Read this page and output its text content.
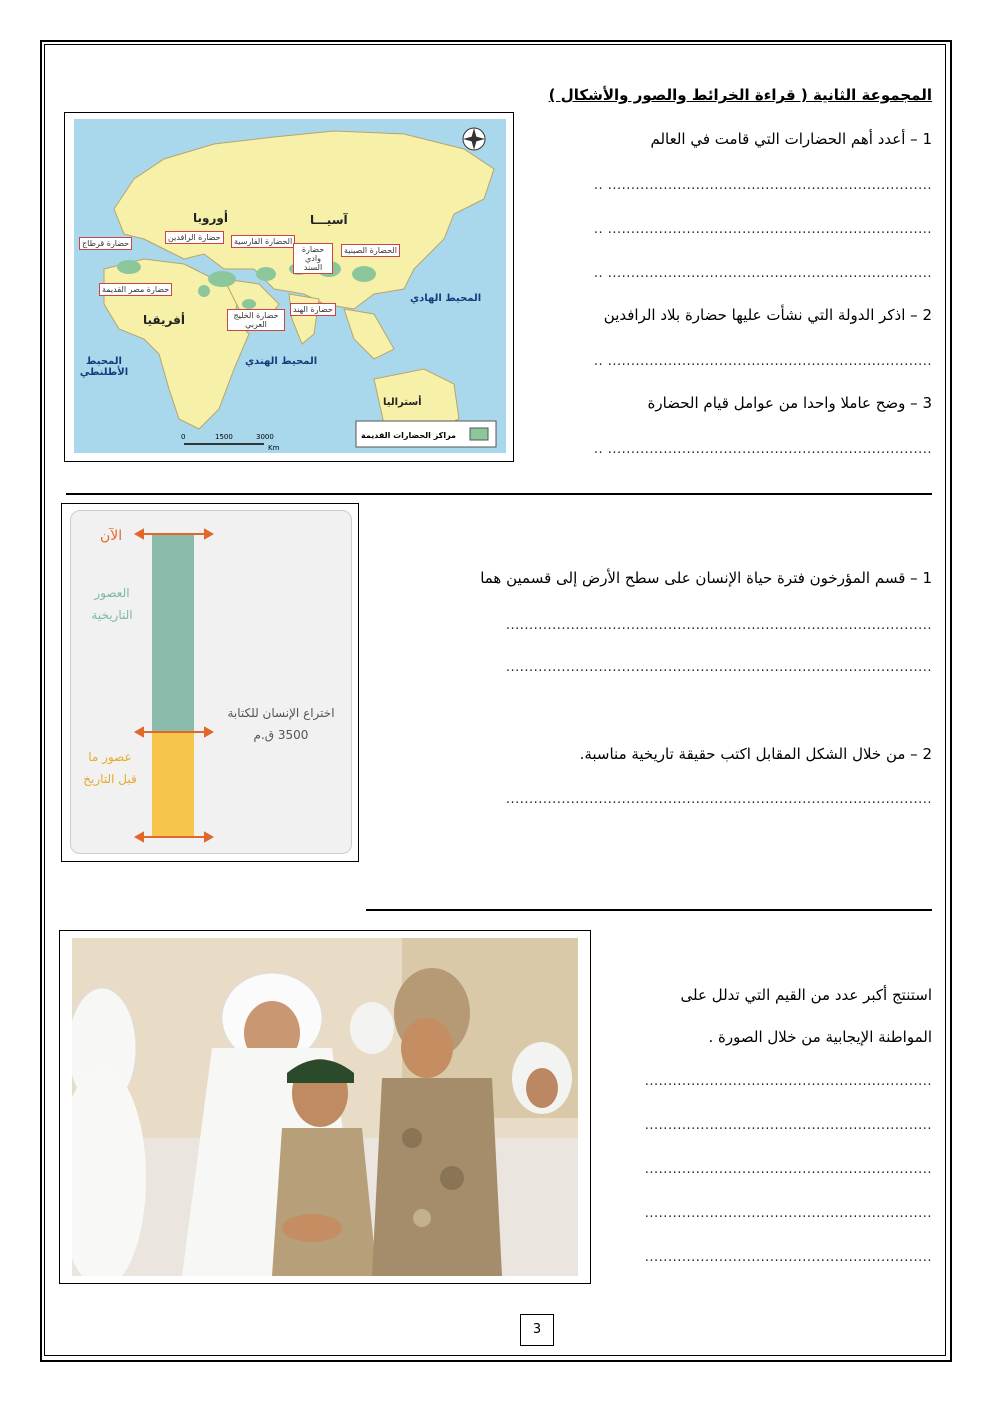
المجموعة الثانية ( قراءة الخرائط والصور والأشكال )
أوروبا	آسيـــا
أفريقيا
أستراليا
المحيط الهادي
المحيط الهندي
المحيط الأطلنطي
حضارة قرطاج
حضارة الرافدين	الحضارة الفارسية
حضارة وادي السند
الحضارة الصينية
حضارة مصر القديمة
حضارة الخليج العربي
حضارة الهند
مراكز الحضارات القديمة
0	1500	3000
Km
1 – أعدد أهم الحضارات التي قامت في العالم
.. ......................................................................
.. ......................................................................
.. ......................................................................
2 – اذكر الدولة التي نشأت عليها حضارة بلاد الرافدين
.. ......................................................................
3 – وضح عاملا واحدا من عوامل قيام الحضارة
.. ......................................................................
الآن
العصور التاريخية
عصور ما قبل التاريخ
اختراع الإنسان للكتابة 3500 ق.م
1 – قسم المؤرخون فترة حياة الإنسان على سطح الأرض إلى قسمين هما
............................................................................................
............................................................................................
2 – من خلال الشكل المقابل اكتب حقيقة تاريخية مناسبة.
............................................................................................
استنتج أكبر عدد من القيم التي تدلل على
المواطنة الإيجابية من خلال الصورة .
..............................................................
..............................................................
..............................................................
..............................................................
..............................................................
3
